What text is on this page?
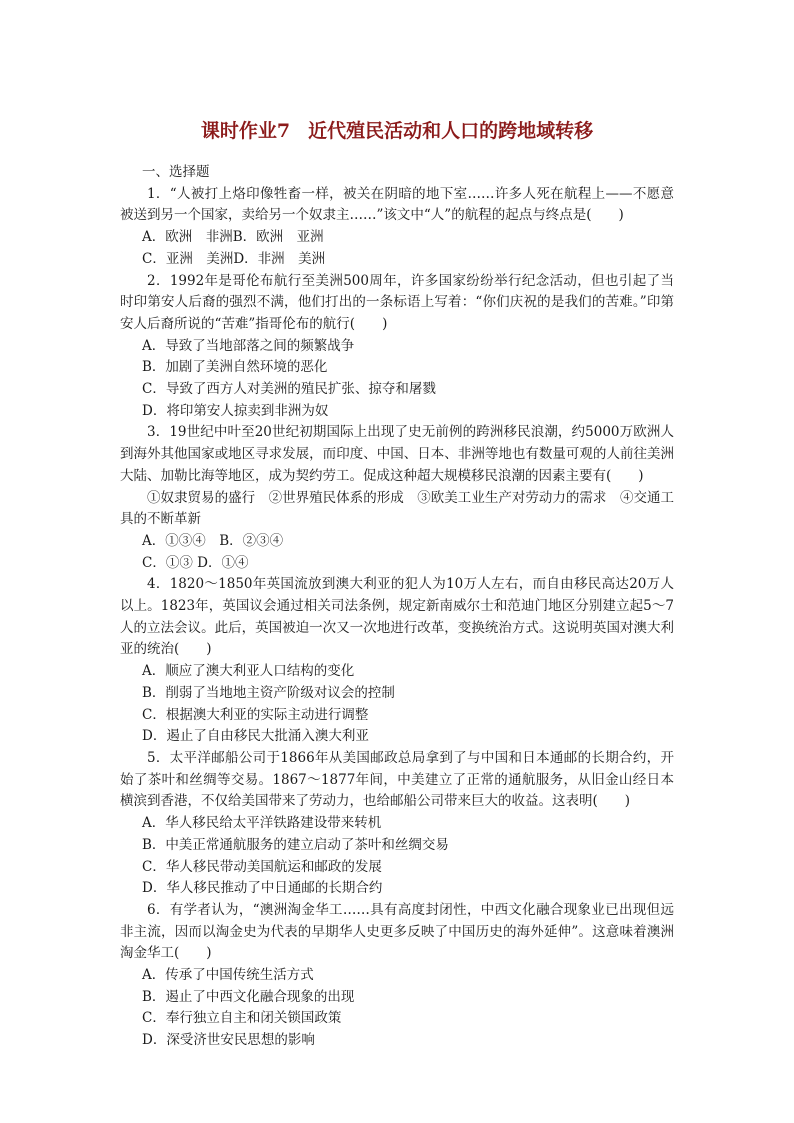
课时作业7 近代殖民活动和人口的跨地域转移
一、选择题

1．“人被打上烙印像牲畜一样，被关在阴暗的地下室……许多人死在航程上——不愿意被送到另一个国家，卖给另一个奴隶主……”该文中“人”的航程的起点与终点是(　　)

A．欧洲　非洲B．欧洲　亚洲
C．亚洲　美洲D．非洲　美洲

2．1992年是哥伦布航行至美洲500周年，许多国家纷纷举行纪念活动，但也引起了当时印第安人后裔的强烈不满，他们打出的一条标语上写着：“你们庆祝的是我们的苦难。”印第安人后裔所说的“苦难”指哥伦布的航行(　　)

A．导致了当地部落之间的频繁战争
B．加剧了美洲自然环境的恶化
C．导致了西方人对美洲的殖民扩张、掠夺和屠戮
D．将印第安人掠卖到非洲为奴

3．19世纪中叶至20世纪初期国际上出现了史无前例的跨洲移民浪潮，约5000万欧洲人到海外其他国家或地区寻求发展，而印度、中国、日本、非洲等地也有数量可观的人前往美洲大陆、加勒比海等地区，成为契约劳工。促成这种超大规模移民浪潮的因素主要有(　　)

①奴隶贸易的盛行　②世界殖民体系的形成　③欧美工业生产对劳动力的需求　④交通工具的不断革新

A．①③④　B．②③④
C．①③ D．①④

4．1820～1850年英国流放到澳大利亚的犯人为10万人左右，而自由移民高达20万人以上。1823年，英国议会通过相关司法条例，规定新南威尔士和范迪门地区分别建立起5～7人的立法会议。此后，英国被迫一次又一次地进行改革，变换统治方式。这说明英国对澳大利亚的统治(　　)

A．顺应了澳大利亚人口结构的变化
B．削弱了当地地主资产阶级对议会的控制
C．根据澳大利亚的实际主动进行调整
D．遏止了自由移民大批涌入澳大利亚

5．太平洋邮船公司于1866年从美国邮政总局拿到了与中国和日本通邮的长期合约，开始了茶叶和丝绸等交易。1867～1877年间，中美建立了正常的通航服务，从旧金山经日本横滨到香港，不仅给美国带来了劳动力，也给邮船公司带来巨大的收益。这表明(　　)

A．华人移民给太平洋铁路建设带来转机
B．中美正常通航服务的建立启动了茶叶和丝绸交易
C．华人移民带动美国航运和邮政的发展
D．华人移民推动了中日通邮的长期合约

6．有学者认为，“澳洲淘金华工……具有高度封闭性，中西文化融合现象业已出现但远非主流，因而以淘金史为代表的早期华人史更多反映了中国历史的海外延伸”。这意味着澳洲淘金华工(　　)

A．传承了中国传统生活方式
B．遏止了中西文化融合现象的出现
C．奉行独立自主和闭关锁国政策
D．深受济世安民思想的影响
